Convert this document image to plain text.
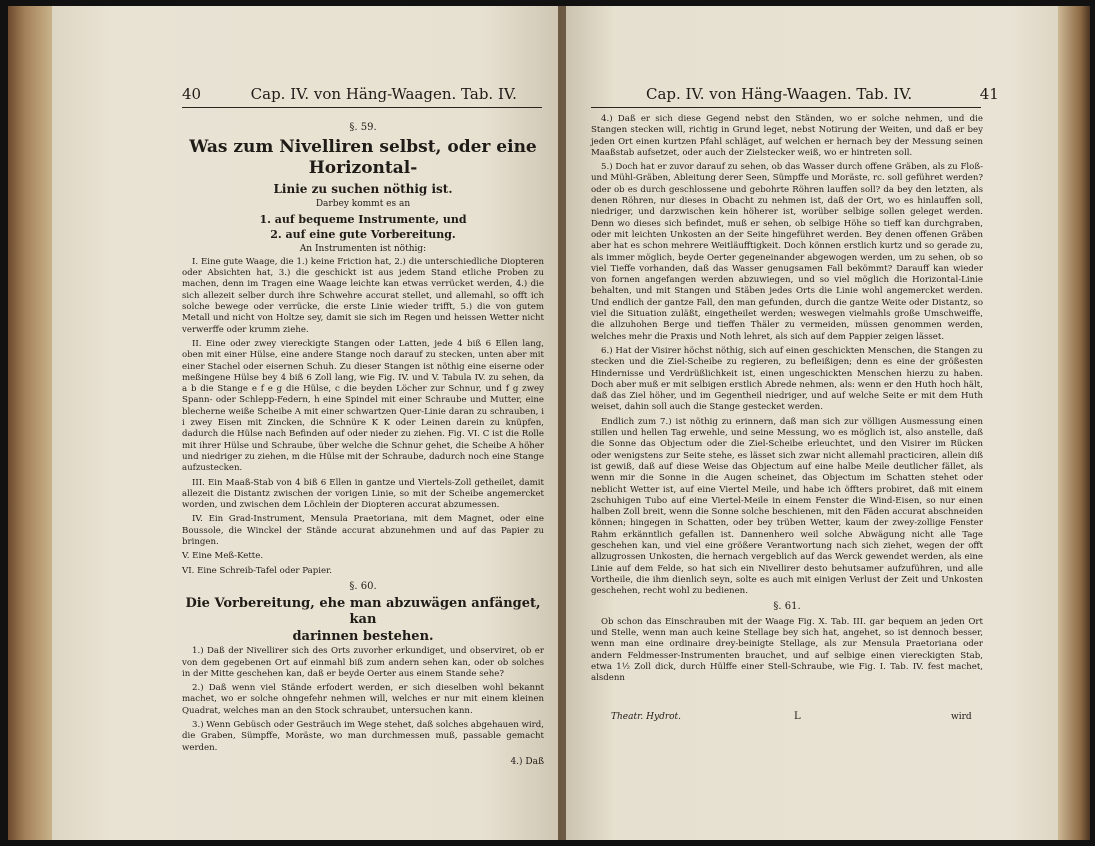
40	Cap. IV. von Häng-Waagen. Tab. IV.
§. 59.
Was zum Nivelliren selbst, oder eine Horizontal-
Linie zu suchen nöthig ist.
Darbey kommt es an
1. auf bequeme Instrumente, und
2. auf eine gute Vorbereitung.
An Instrumenten ist nöthig:

I. Eine gute Waage, die 1.) keine Friction hat, 2.) die unterschiedliche Diopteren oder Absichten hat, 3.) die geschickt ist aus jedem Stand etliche Proben zu machen, denn im Tragen eine Waage leichte kan etwas verrücket werden, 4.) die sich allezeit selber durch ihre Schwehre accurat stellet, und allemahl, so offt ich solche bewege oder verrücke, die erste Linie wieder trifft, 5.) die von gutem Metall und nicht von Holtze sey, damit sie sich im Regen und heissen Wetter nicht verwerffe oder krumm ziehe.

II. Eine oder zwey viereckigte Stangen oder Latten, jede 4 biß 6 Ellen lang, oben mit einer Hülse, eine andere Stange noch darauf zu stecken, unten aber mit einer Stachel oder eisernen Schuh. Zu dieser Stangen ist nöthig eine eiserne oder meßingene Hülse bey 4 biß 6 Zoll lang, wie Fig. IV. und V. Tabula IV. zu sehen, da a b die Stange e f e g die Hülse, c die beyden Löcher zur Schnur, und f g zwey Spann- oder Schlepp-Federn, h eine Spindel mit einer Schraube und Mutter, eine blecherne weiße Scheibe A mit einer schwartzen Quer-Linie daran zu schrauben, i i zwey Eisen mit Zincken, die Schnüre K K oder Leinen darein zu knüpfen, dadurch die Hülse nach Befinden auf oder nieder zu ziehen. Fig. VI. C ist die Rolle mit ihrer Hülse und Schraube, über welche die Schnur gehet, die Scheibe A höher und niedriger zu ziehen, m die Hülse mit der Schraube, dadurch noch eine Stange aufzustecken.

III. Ein Maaß-Stab von 4 biß 6 Ellen in gantze und Viertels-Zoll getheilet, damit allezeit die Distantz zwischen der vorigen Linie, so mit der Scheibe angemercket worden, und zwischen dem Löchlein der Diopteren accurat abzumessen.

IV. Ein Grad-Instrument, Mensula Praetoriana, mit dem Magnet, oder eine Boussole, die Winckel der Stände accurat abzunehmen und auf das Papier zu bringen.

V. Eine Meß-Kette.

VI. Eine Schreib-Tafel oder Papier.

§. 60.
Die Vorbereitung, ehe man abzuwägen anfänget, kan
darinnen bestehen.

1.) Daß der Nivellirer sich des Orts zuvorher erkundiget, und observiret, ob er von dem gegebenen Ort auf einmahl biß zum andern sehen kan, oder ob solches in der Mitte geschehen kan, daß er beyde Oerter aus einem Stande sehe?

2.) Daß wenn viel Stände erfodert werden, er sich dieselben wohl bekannt machet, wo er solche ohngefehr nehmen will, welches er nur mit einem kleinen Quadrat, welches man an den Stock schraubet, untersuchen kann.

3.) Wenn Gebüsch oder Gesträuch im Wege stehet, daß solches abgehauen wird, die Graben, Sümpffe, Moräste, wo man durchmessen muß, passable gemacht werden.

4.) Daß
Cap. IV. von Häng-Waagen. Tab. IV.	41

4.) Daß er sich diese Gegend nebst den Ständen, wo er solche nehmen, und die Stangen stecken will, richtig in Grund leget, nebst Notirung der Weiten, und daß er bey jeden Ort einen kurtzen Pfahl schläget, auf welchen er hernach bey der Messung seinen Maaßstab aufsetzet, oder auch der Zielstecker weiß, wo er hintreten soll.

5.) Doch hat er zuvor darauf zu sehen, ob das Wasser durch offene Gräben, als zu Floß- und Mühl-Gräben, Ableitung derer Seen, Sümpffe und Moräste, rc. soll geführet werden? oder ob es durch geschlossene und gebohrte Röhren lauffen soll? da bey den letzten, als denen Röhren, nur dieses in Obacht zu nehmen ist, daß der Ort, wo es hinlauffen soll, niedriger, und darzwischen kein höherer ist, worüber selbige sollen geleget werden. Denn wo dieses sich befindet, muß er sehen, ob selbige Höhe so tieff kan durchgraben, oder mit leichten Unkosten an der Seite hingeführet werden. Bey denen offenen Gräben aber hat es schon mehrere Weitläufftigkeit. Doch können erstlich kurtz und so gerade zu, als immer möglich, beyde Oerter gegeneinander abgewogen werden, um zu sehen, ob so viel Tieffe vorhanden, daß das Wasser genugsamen Fall bekömmt? Darauff kan wieder von fornen angefangen werden abzuwiegen, und so viel möglich die Horizontal-Linie behalten, und mit Stangen und Stäben jedes Orts die Linie wohl angemercket werden. Und endlich der gantze Fall, den man gefunden, durch die gantze Weite oder Distantz, so viel die Situation zuläßt, eingetheilet werden; weswegen vielmahls große Umschweiffe, die allzuhohen Berge und tieffen Thäler zu vermeiden, müssen genommen werden, welches mehr die Praxis und Noth lehret, als sich auf dem Pappier zeigen lässet.

6.) Hat der Visirer höchst nöthig, sich auf einen geschickten Menschen, die Stangen zu stecken und die Ziel-Scheibe zu regieren, zu befleißigen; denn es eine der größesten Hindernisse und Verdrüßlichkeit ist, einen ungeschickten Menschen hierzu zu haben. Doch aber muß er mit selbigen erstlich Abrede nehmen, als: wenn er den Huth hoch hält, daß das Ziel höher, und im Gegentheil niedriger, und auf welche Seite er mit dem Huth weiset, dahin soll auch die Stange gestecket werden.

Endlich zum 7.) ist nöthig zu erinnern, daß man sich zur völligen Ausmessung einen stillen und hellen Tag erwehle, und seine Messung, wo es möglich ist, also anstelle, daß die Sonne das Objectum oder die Ziel-Scheibe erleuchtet, und den Visirer im Rücken oder wenigstens zur Seite stehe, es lässet sich zwar nicht allemahl practiciren, allein diß ist gewiß, daß auf diese Weise das Objectum auf eine halbe Meile deutlicher fället, als wenn mir die Sonne in die Augen scheinet, das Objectum im Schatten stehet oder neblicht Wetter ist, auf eine Viertel Meile, und habe ich öffters probiret, daß mit einem 2schuhigen Tubo auf eine Viertel-Meile in einem Fenster die Wind-Eisen, so nur einen halben Zoll breit, wenn die Sonne solche beschienen, mit den Fäden accurat abschneiden können; hingegen in Schatten, oder bey trüben Wetter, kaum der zwey-zollige Fenster Rahm erkänntlich gefallen ist. Dannenhero weil solche Abwägung nicht alle Tage geschehen kan, und viel eine größere Verantwortung nach sich ziehet, wegen der offt allzugrossen Unkosten, die hernach vergeblich auf das Werck gewendet werden, als eine Linie auf dem Felde, so hat sich ein Nivellirer desto behutsamer aufzuführen, und alle Vortheile, die ihm dienlich seyn, solte es auch mit einigen Verlust der Zeit und Unkosten geschehen, recht wohl zu bedienen.

§. 61.

Ob schon das Einschrauben mit der Waage Fig. X. Tab. III. gar bequem an jeden Ort und Stelle, wenn man auch keine Stellage bey sich hat, angehet, so ist dennoch besser, wenn man eine ordinaire drey-beinigte Stellage, als zur Mensula Praetoriana oder andern Feldmesser-Instrumenten brauchet, und auf selbige einen viereckigten Stab, etwa 1½ Zoll dick, durch Hülffe einer Stell-Schraube, wie Fig. I. Tab. IV. fest machet, alsdenn

Theatr. Hydrot.	L	wird
